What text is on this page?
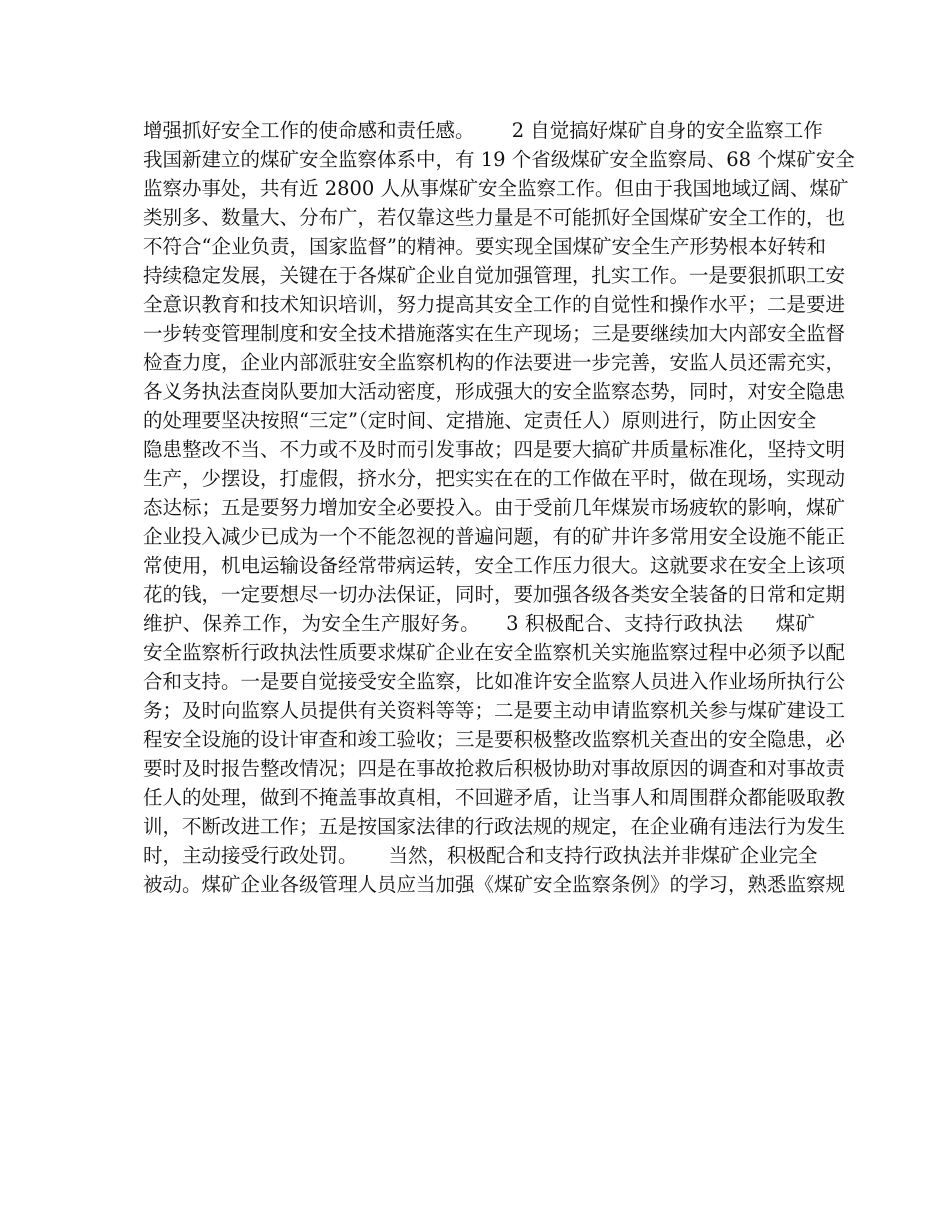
增强抓好安全工作的使命感和责任感。      2 自觉搞好煤矿自身的安全监察工作
我国新建立的煤矿安全监察体系中，有 19 个省级煤矿安全监察局、68 个煤矿安全
监察办事处，共有近 2800 人从事煤矿安全监察工作。但由于我国地域辽阔、煤矿
类别多、数量大、分布广，若仅靠这些力量是不可能抓好全国煤矿安全工作的，也
不符合“企业负责，国家监督”的精神。要实现全国煤矿安全生产形势根本好转和
持续稳定发展，关键在于各煤矿企业自觉加强管理，扎实工作。一是要狠抓职工安
全意识教育和技术知识培训，努力提高其安全工作的自觉性和操作水平；二是要进
一步转变管理制度和安全技术措施落实在生产现场；三是要继续加大内部安全监督
检查力度，企业内部派驻安全监察机构的作法要进一步完善，安监人员还需充实，
各义务执法查岗队要加大活动密度，形成强大的安全监察态势，同时，对安全隐患
的处理要坚决按照“三定”（定时间、定措施、定责任人）原则进行，防止因安全
隐患整改不当、不力或不及时而引发事故；四是要大搞矿井质量标准化，坚持文明
生产，少摆设，打虚假，挤水分，把实实在在的工作做在平时，做在现场，实现动
态达标；五是要努力增加安全必要投入。由于受前几年煤炭市场疲软的影响，煤矿
企业投入减少已成为一个不能忽视的普遍问题，有的矿井许多常用安全设施不能正
常使用，机电运输设备经常带病运转，安全工作压力很大。这就要求在安全上该项
花的钱，一定要想尽一切办法保证，同时，要加强各级各类安全装备的日常和定期
维护、保养工作，为安全生产服好务。    3 积极配合、支持行政执法     煤矿
安全监察析行政执法性质要求煤矿企业在安全监察机关实施监察过程中必须予以配
合和支持。一是要自觉接受安全监察，比如准许安全监察人员进入作业场所执行公
务；及时向监察人员提供有关资料等等；二是要主动申请监察机关参与煤矿建设工
程安全设施的设计审查和竣工验收；三是要积极整改监察机关查出的安全隐患，必
要时及时报告整改情况；四是在事故抢救后积极协助对事故原因的调查和对事故责
任人的处理，做到不掩盖事故真相，不回避矛盾，让当事人和周围群众都能吸取教
训，不断改进工作；五是按国家法律的行政法规的规定，在企业确有违法行为发生
时，主动接受行政处罚。     当然，积极配合和支持行政执法并非煤矿企业完全
被动。煤矿企业各级管理人员应当加强《煤矿安全监察条例》的学习，熟悉监察规
